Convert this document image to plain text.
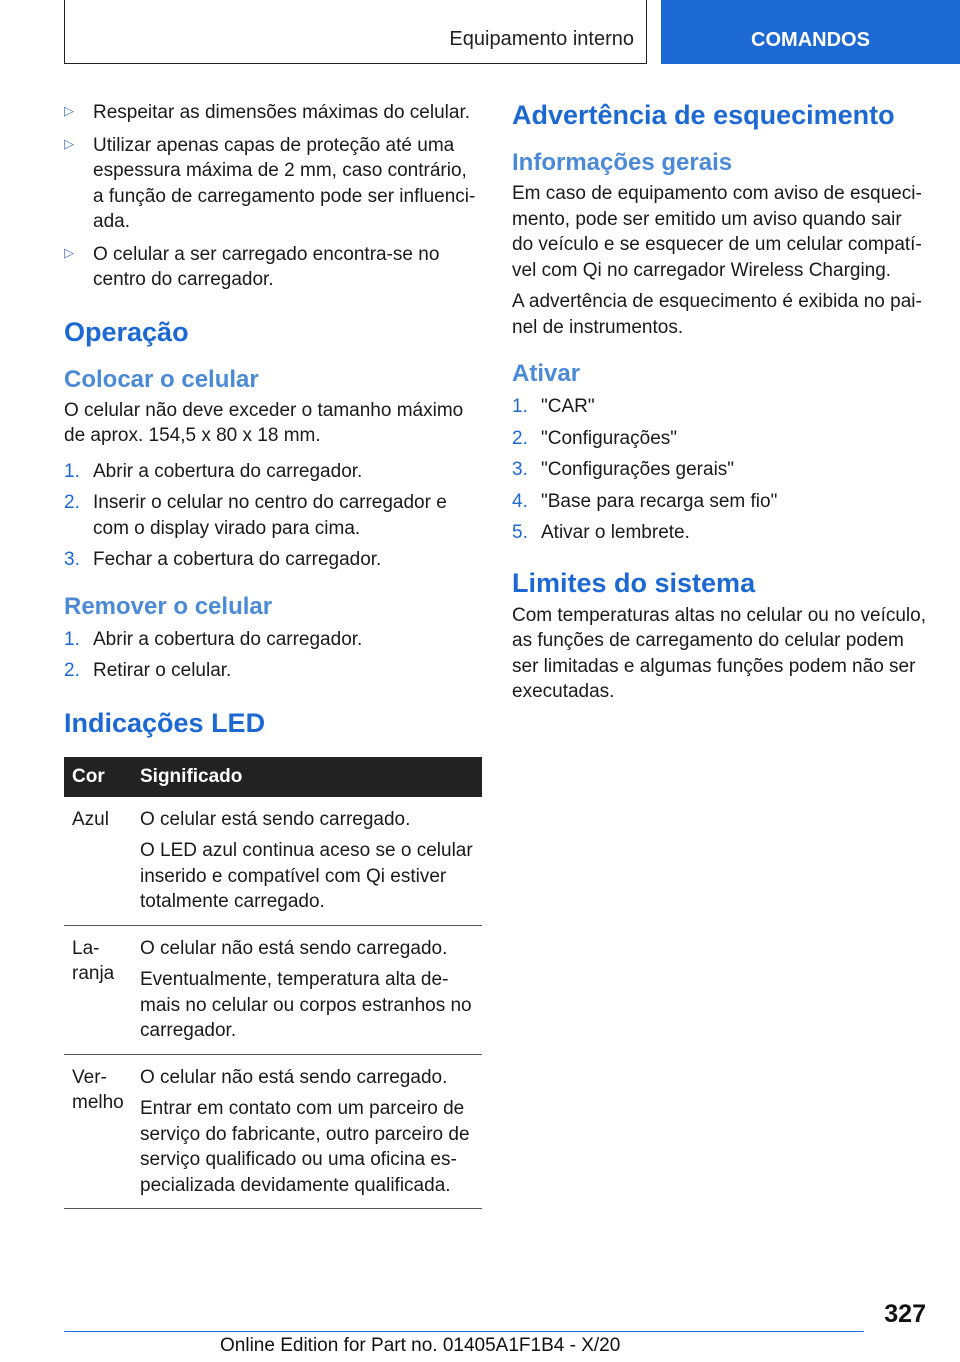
Equipamento interno	COMANDOS
▷	Respeitar as dimensões máximas do celular.
▷	Utilizar apenas capas de proteção até uma espessura máxima de 2 mm, caso contrário, a função de carregamento pode ser influenci-ada.
▷	O celular a ser carregado encontra-se no centro do carregador.
Operação
Colocar o celular

O celular não deve exceder o tamanho máximo de aprox. 154,5 x 80 x 18 mm.

1. Abrir a cobertura do carregador.
2. Inserir o celular no centro do carregador e com o display virado para cima.
3. Fechar a cobertura do carregador.
Remover o celular
1. Abrir a cobertura do carregador.
2. Retirar o celular.
Indicações LED
Cor	Significado

Azul	O celular está sendo carregado.

O LED azul continua aceso se o celular inserido e compatível com Qi estiver totalmente carregado.

La-ranja	O celular não está sendo carregado.

Eventualmente, temperatura alta de-mais no celular ou corpos estranhos no carregador.

Ver-melho	O celular não está sendo carregado.

Entrar em contato com um parceiro de serviço do fabricante, outro parceiro de serviço qualificado ou uma oficina es-pecializada devidamente qualificada.

Advertência de esquecimento
Informações gerais

Em caso de equipamento com aviso de esqueci-mento, pode ser emitido um aviso quando sair do veículo e se esquecer de um celular compatí-vel com Qi no carregador Wireless Charging.

A advertência de esquecimento é exibida no pai-nel de instrumentos.

Ativar
1. "CAR"
2. "Configurações"
3. "Configurações gerais"
4. "Base para recarga sem fio"
5. Ativar o lembrete.
Limites do sistema

Com temperaturas altas no celular ou no veículo, as funções de carregamento do celular podem ser limitadas e algumas funções podem não ser executadas.

327
Online Edition for Part no. 01405A1F1B4 - X/20
